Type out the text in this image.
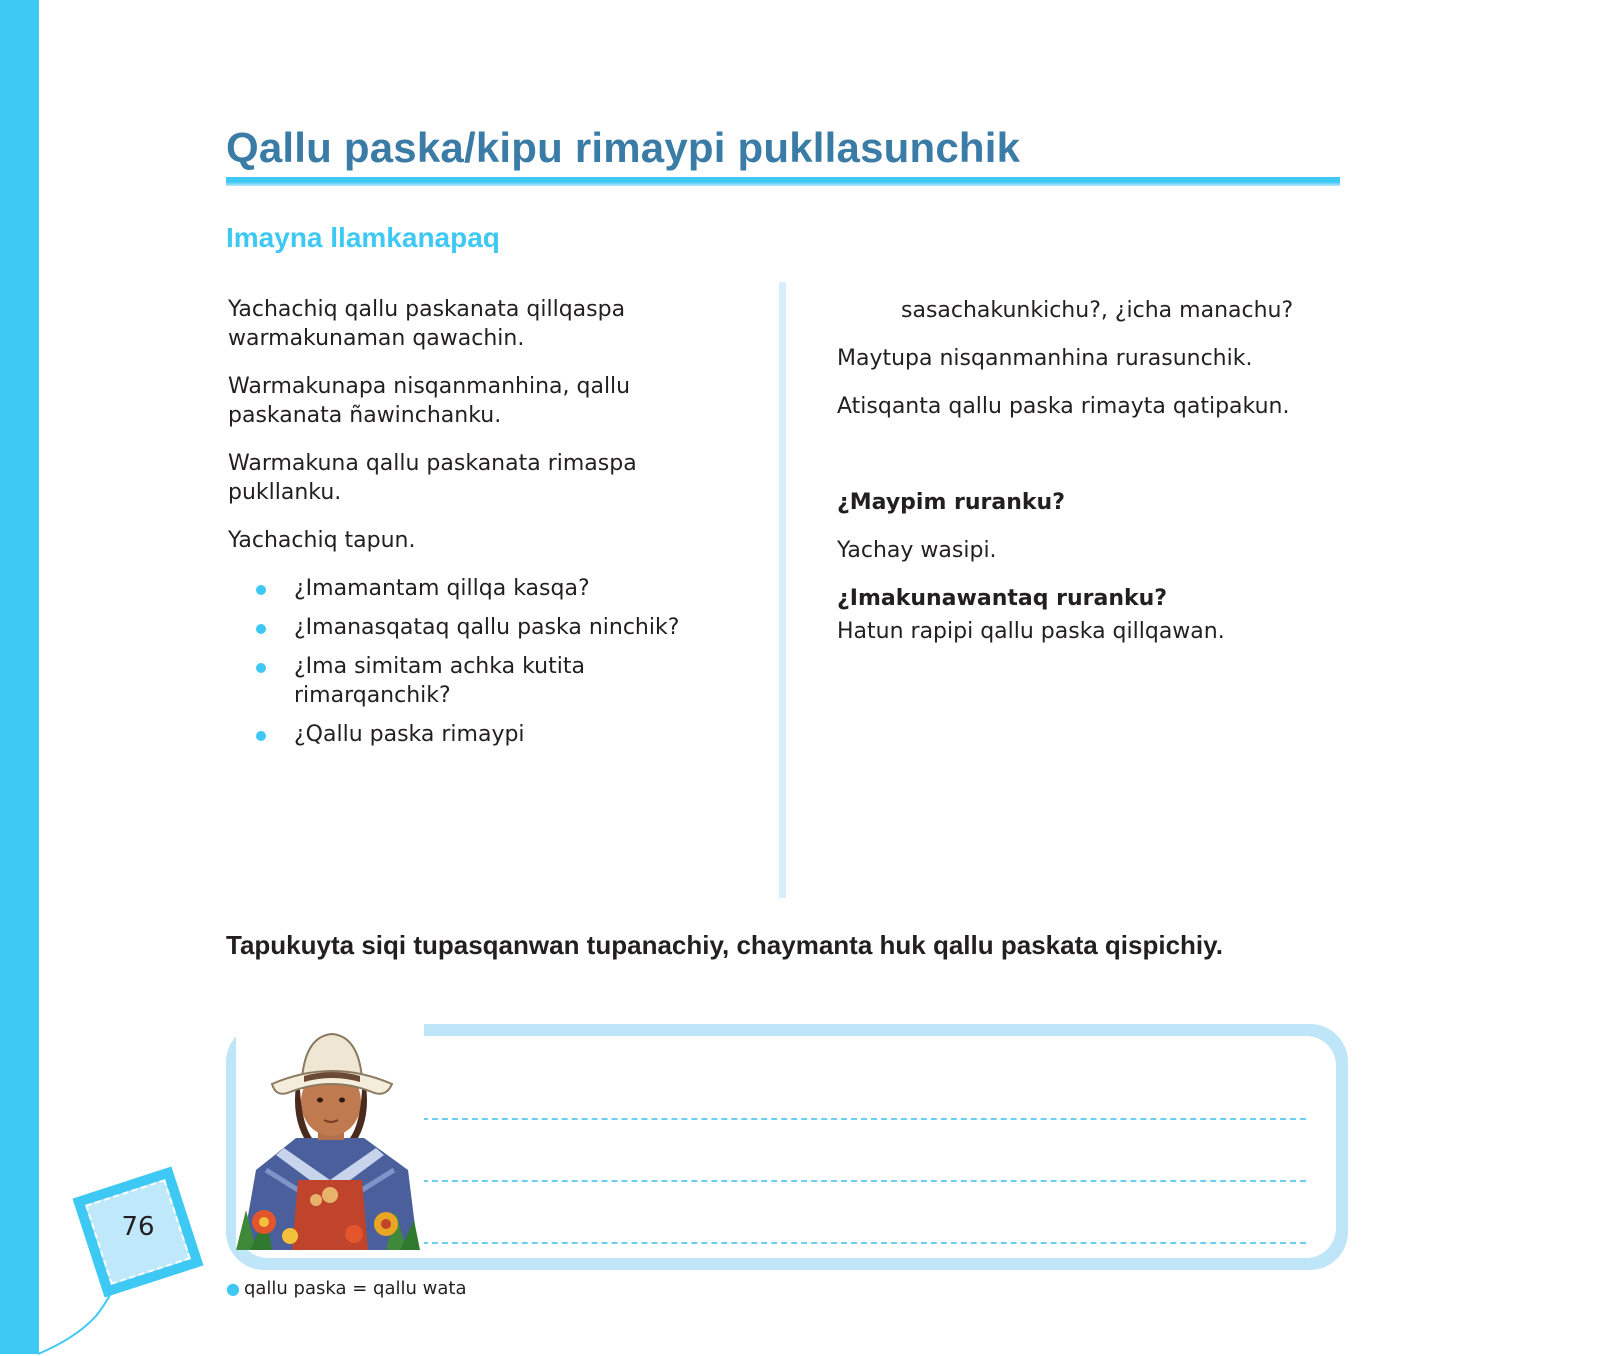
Qallu paska/kipu rimaypi pukllasunchik
Imayna llamkanapaq

Yachachiq qallu paskanata qillqaspa warmakunaman qawachin.

Warmakunapa nisqanmanhina, qallu paskanata ñawinchanku.

Warmakuna qallu paskanata rimaspa pukllanku.

Yachachiq tapun.

¿Imamantam qillqa kasqa?
¿Imanasqataq qallu paska ninchik?
¿Ima simitam achka kutita rimarqanchik?
¿Qallu paska rimaypi

sasachakunkichu?, ¿icha manachu?

Maytupa nisqanmanhina rurasunchik.

Atisqanta qallu paska rimayta qatipakun.

¿Maypim ruranku?

Yachay wasipi.

¿Imakunawantaq ruranku?

Hatun rapipi qallu paska qillqawan.

Tapukuyta siqi tupasqanwan tupanachiy, chaymanta huk qallu paskata qispichiy.
76
● qallu paska = qallu wata
